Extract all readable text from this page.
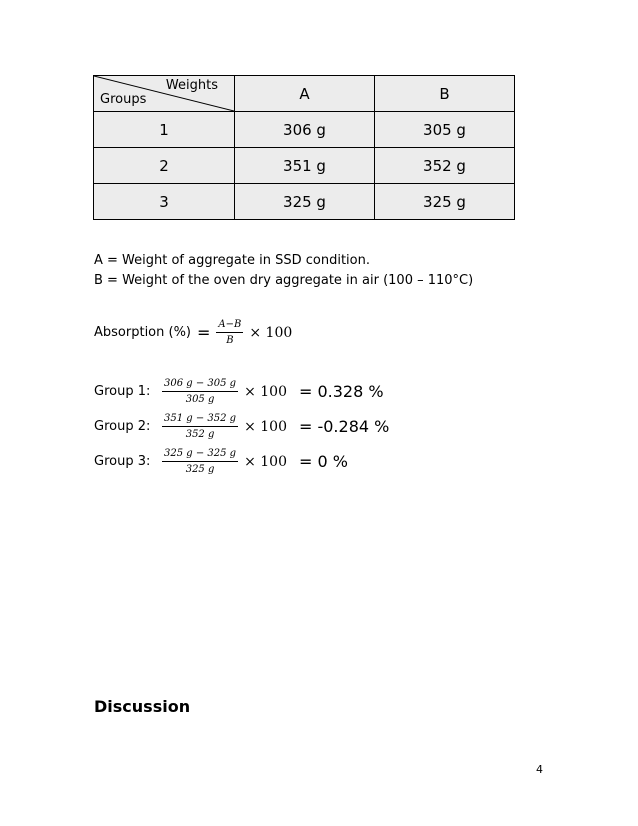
Weights
Groups	A	B
1	306 g	305 g
2	351 g	352 g
3	325 g	325 g
A = Weight of aggregate in SSD condition.
B = Weight of the oven dry aggregate in air (100 – 110°C)
Absorption (%) = $\frac{A-B}{B} \times 100$
Group 1:	$\frac{306 g - 305 g}{305 g} \times 100 = 0.328$ %
Group 2:	$\frac{351 g - 352 g}{352 g} \times 100 = -0.284$ %
Group 3:	$\frac{325 g - 325 g}{325 g} \times 100 = 0$ %
Discussion
4
